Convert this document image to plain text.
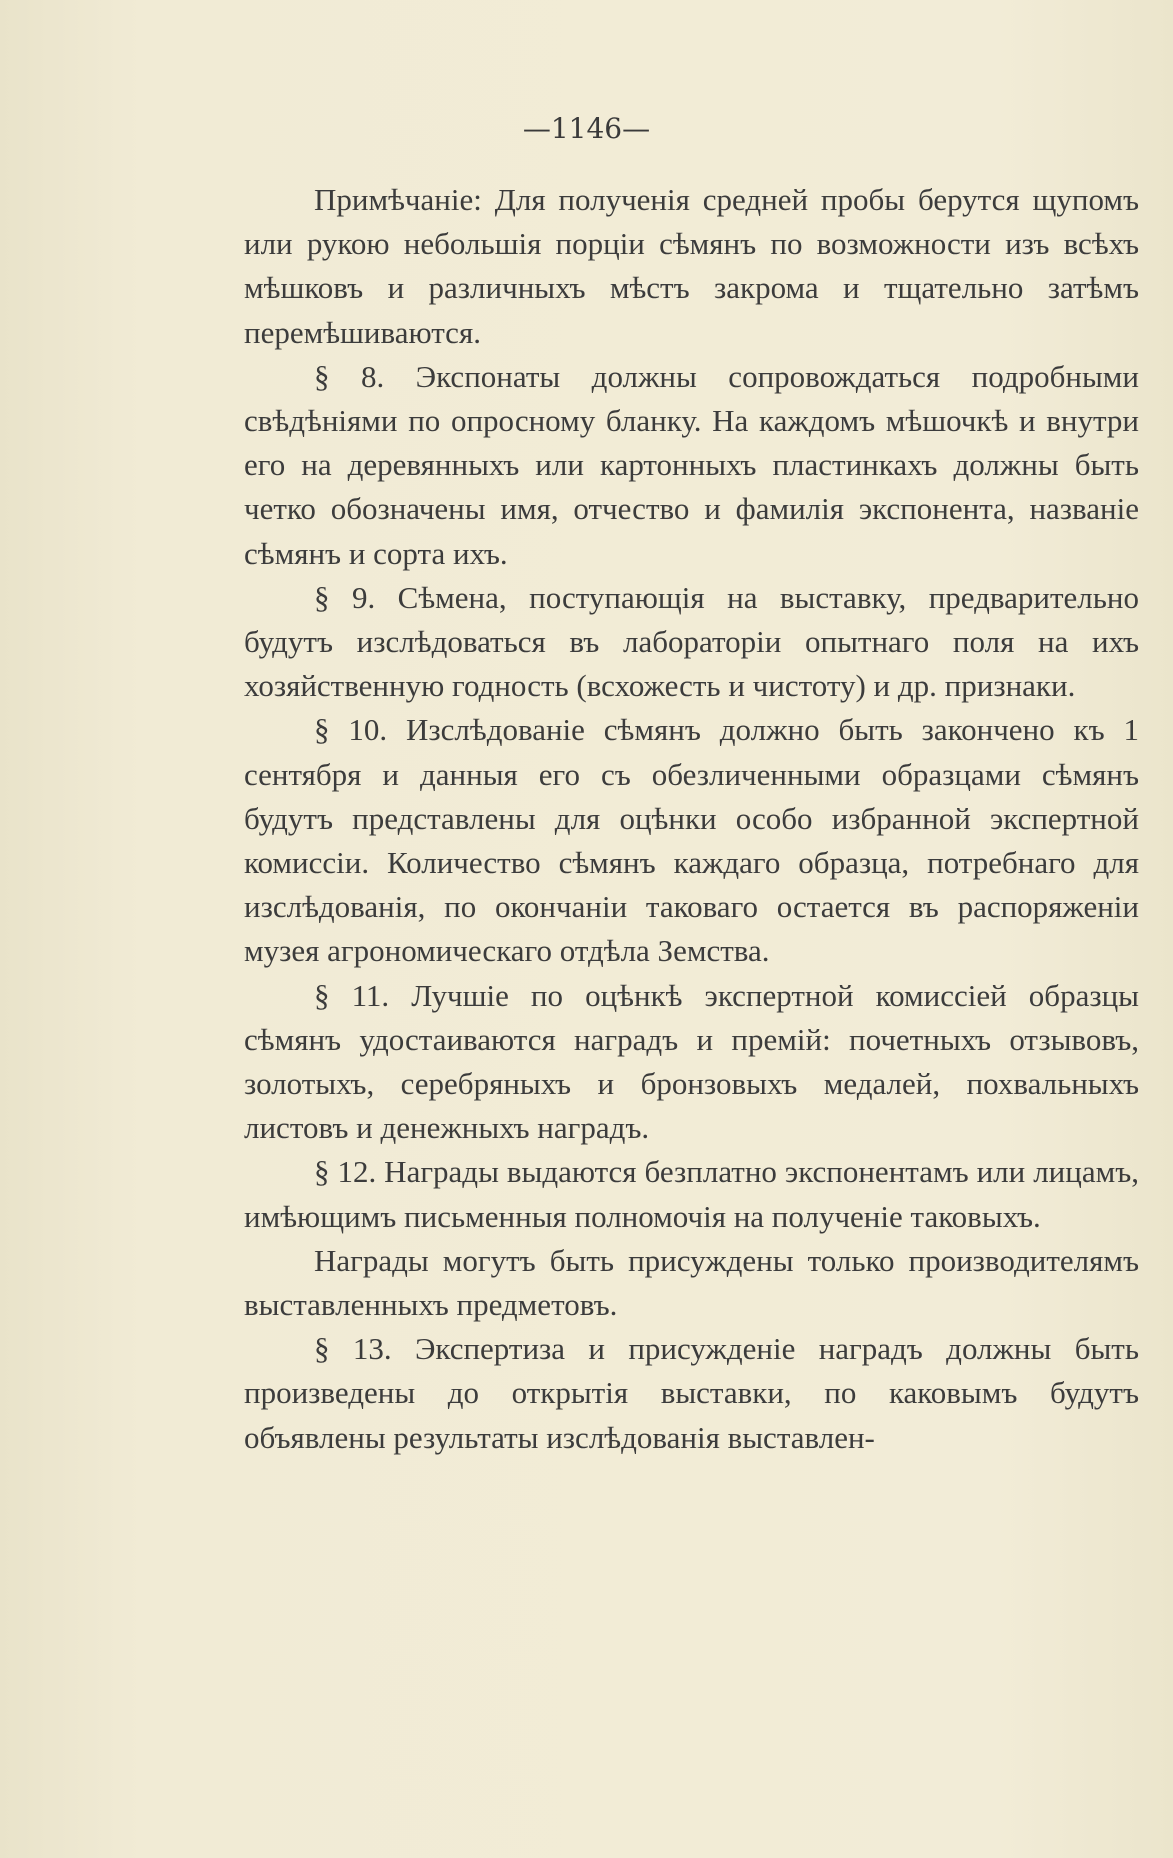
—1146—

Примѣчаніе: Для полученія средней пробы берутся щупомъ или рукою небольшія порціи сѣмянъ по возможности изъ всѣхъ мѣшковъ и различныхъ мѣстъ закрома и тщательно затѣмъ перемѣшиваются.

§ 8. Экспонаты должны сопровождаться подробными свѣдѣніями по опросному бланку. На каждомъ мѣшочкѣ и внутри его на деревянныхъ или картонныхъ пластинкахъ должны быть четко обозначены имя, отчество и фамилія экспонента, названіе сѣмянъ и сорта ихъ.

§ 9. Сѣмена, поступающія на выставку, предварительно будутъ изслѣдоваться въ лабораторіи опытнаго поля на ихъ хозяйственную годность (всхожесть и чистоту) и др. признаки.

§ 10. Изслѣдованіе сѣмянъ должно быть закончено къ 1 сентября и данныя его съ обезличенными образцами сѣмянъ будутъ представлены для оцѣнки особо избранной экспертной комиссіи. Количество сѣмянъ каждаго образца, потребнаго для изслѣдованія, по окончаніи таковаго остается въ распоряженіи музея агрономическаго отдѣла Земства.

§ 11. Лучшіе по оцѣнкѣ экспертной комиссіей образцы сѣмянъ удостаиваются наградъ и премій: почетныхъ отзывовъ, золотыхъ, серебряныхъ и бронзовыхъ медалей, похвальныхъ листовъ и денежныхъ наградъ.

§ 12. Награды выдаются безплатно экспонентамъ или лицамъ, имѣющимъ письменныя полномочія на полученіе таковыхъ.

Награды могутъ быть присуждены только производителямъ выставленныхъ предметовъ.

§ 13. Экспертиза и присужденіе наградъ должны быть произведены до открытія выставки, по каковымъ будутъ объявлены результаты изслѣдованія выставлен-
